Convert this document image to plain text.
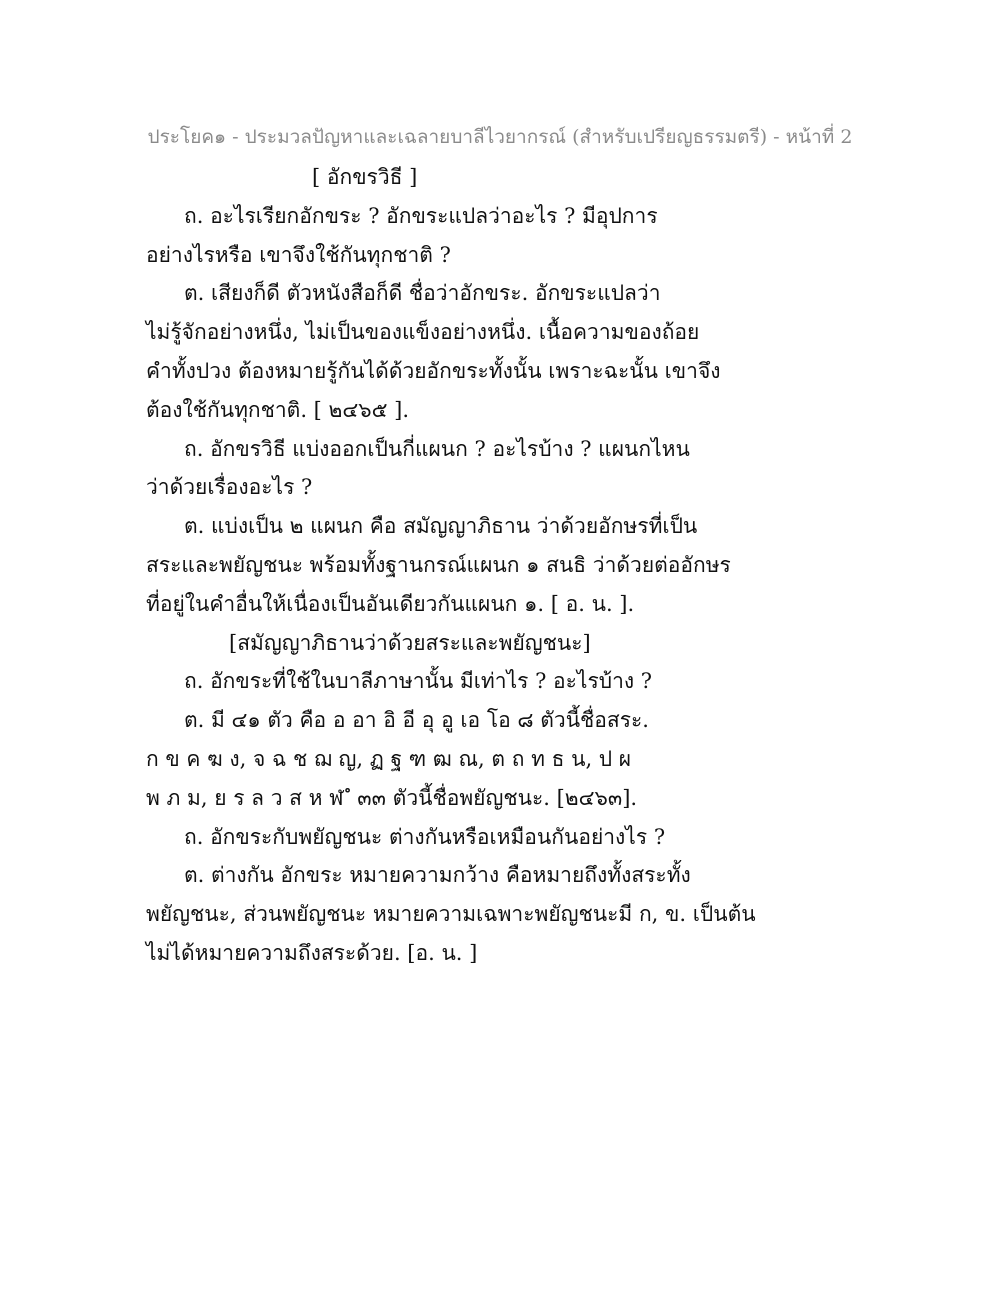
ประโยค๑ - ประมวลปัญหาและเฉลายบาลีไวยากรณ์ (สำหรับเปรียญธรรมตรี) - หน้าที่ 2
[ อักขรวิธี ]
ถ. อะไรเรียกอักขระ ? อักขระแปลว่าอะไร ? มีอุปการ
อย่างไรหรือ เขาจึงใช้กันทุกชาติ ?
ต. เสียงก็ดี ตัวหนังสือก็ดี ชื่อว่าอักขระ. อักขระแปลว่า
ไม่รู้จักอย่างหนึ่ง, ไม่เป็นของแข็งอย่างหนึ่ง. เนื้อความของถ้อย
คำทั้งปวง ต้องหมายรู้กันได้ด้วยอักขระทั้งนั้น เพราะฉะนั้น เขาจึง
ต้องใช้กันทุกชาติ. [ ๒๔๖๕ ].
ถ. อักขรวิธี แบ่งออกเป็นกี่แผนก ? อะไรบ้าง ? แผนกไหน
ว่าด้วยเรื่องอะไร ?
ต. แบ่งเป็น ๒ แผนก คือ สมัญญาภิธาน ว่าด้วยอักษรที่เป็น
สระและพยัญชนะ พร้อมทั้งฐานกรณ์แผนก ๑ สนธิ ว่าด้วยต่ออักษร
ที่อยู่ในคำอื่นให้เนื่องเป็นอันเดียวกันแผนก ๑. [ อ. น. ].
[สมัญญาภิธานว่าด้วยสระและพยัญชนะ]
ถ. อักขระที่ใช้ในบาลีภาษานั้น มีเท่าไร ? อะไรบ้าง ?
ต. มี ๔๑ ตัว คือ อ อา อิ อี อุ อู เอ โอ ๘ ตัวนี้ชื่อสระ.
ก ข ค ฆ ง, จ ฉ ช ฌ ญ, ฏ ฐ ฑ ฒ ณ, ต ถ ท ธ น, ป ผ
พ ภ ม, ย ร ล ว ส ห ฬ ํ ๓๓ ตัวนี้ชื่อพยัญชนะ. [๒๔๖๓].
ถ. อักขระกับพยัญชนะ ต่างกันหรือเหมือนกันอย่างไร ?
ต. ต่างกัน อักขระ หมายความกว้าง คือหมายถึงทั้งสระทั้ง
พยัญชนะ, ส่วนพยัญชนะ หมายความเฉพาะพยัญชนะมี ก, ข. เป็นต้น
ไม่ได้หมายความถึงสระด้วย. [อ. น. ]
